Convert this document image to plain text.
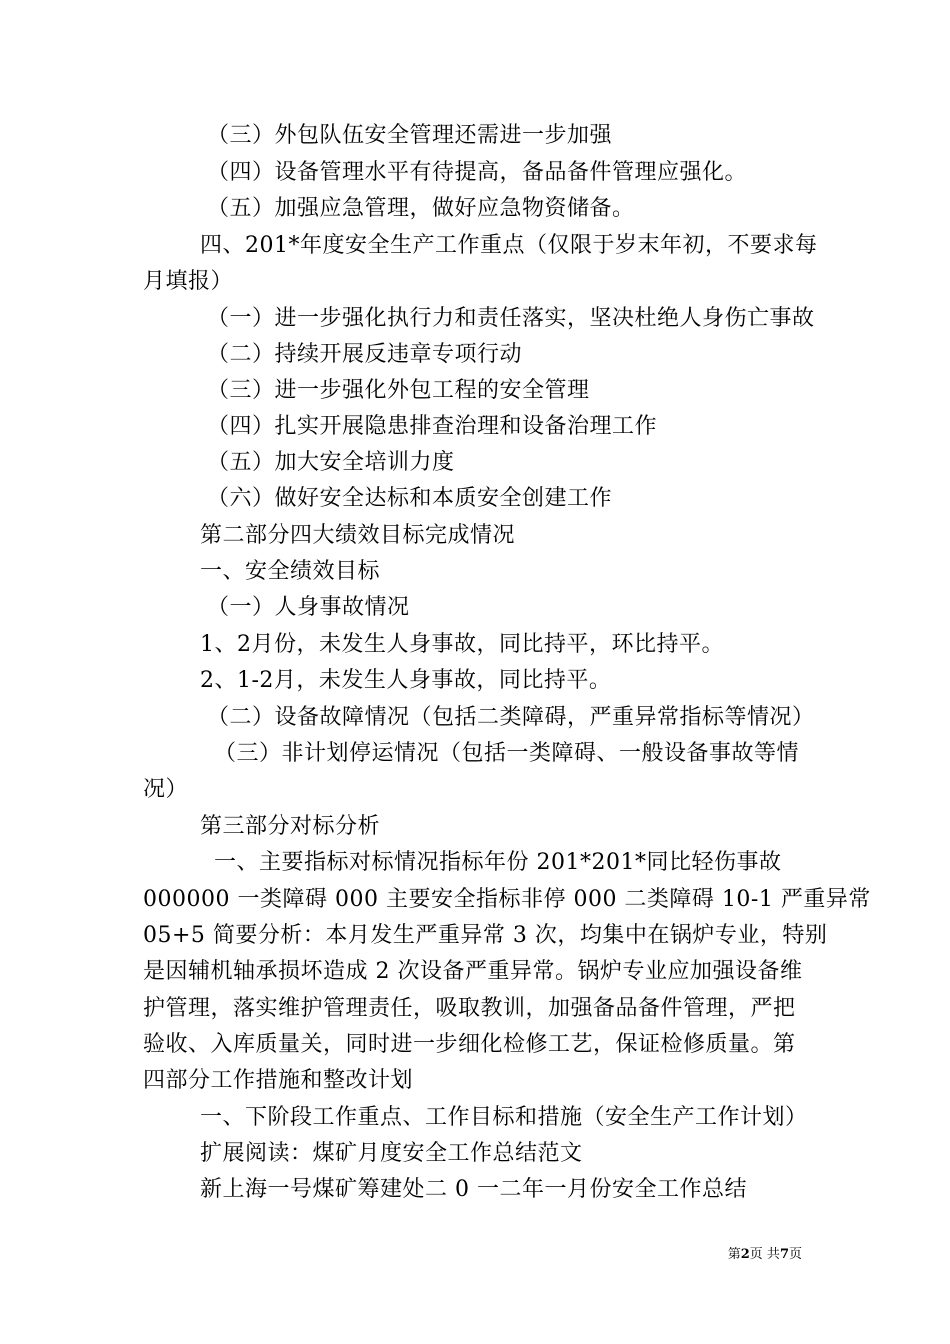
（三）外包队伍安全管理还需进一步加强
（四）设备管理水平有待提高，备品备件管理应强化。
（五）加强应急管理，做好应急物资储备。
四、201*年度安全生产工作重点（仅限于岁末年初，不要求每
月填报）
（一）进一步强化执行力和责任落实，坚决杜绝人身伤亡事故
（二）持续开展反违章专项行动
（三）进一步强化外包工程的安全管理
（四）扎实开展隐患排查治理和设备治理工作
（五）加大安全培训力度
（六）做好安全达标和本质安全创建工作
第二部分四大绩效目标完成情况
一、安全绩效目标
（一）人身事故情况
1、2月份，未发生人身事故，同比持平，环比持平。
2、1-2月，未发生人身事故，同比持平。
（二）设备故障情况（包括二类障碍，严重异常指标等情况）
（三）非计划停运情况（包括一类障碍、一般设备事故等情
况）
第三部分对标分析
一、主要指标对标情况指标年份 201*201*同比轻伤事故
000000 一类障碍 000 主要安全指标非停 000 二类障碍 10-1 严重异常
05+5 简要分析：本月发生严重异常 3 次，均集中在锅炉专业，特别
是因辅机轴承损坏造成 2 次设备严重异常。锅炉专业应加强设备维
护管理，落实维护管理责任，吸取教训，加强备品备件管理，严把
验收、入库质量关，同时进一步细化检修工艺，保证检修质量。第
四部分工作措施和整改计划
一、下阶段工作重点、工作目标和措施（安全生产工作计划）
扩展阅读：煤矿月度安全工作总结范文
新上海一号煤矿筹建处二 0 一二年一月份安全工作总结
第2页 共7页
